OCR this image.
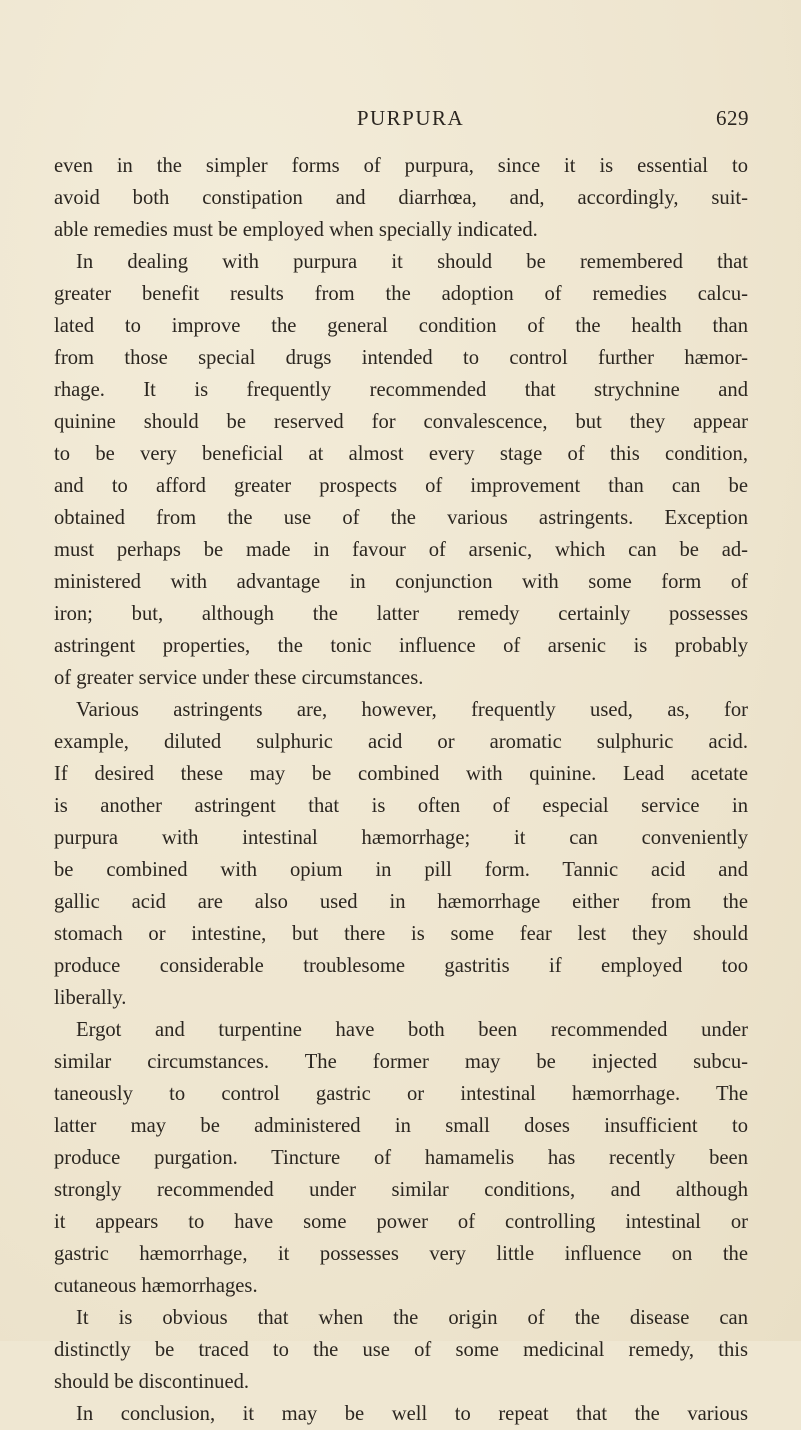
PURPURA	629
even in the simpler forms of purpura, since it is essential to
avoid both constipation and diarrhœa, and, accordingly, suit-
able remedies must be employed when specially indicated.
In dealing with purpura it should be remembered that
greater benefit results from the adoption of remedies calcu-
lated to improve the general condition of the health than
from those special drugs intended to control further hæmor-
rhage. It is frequently recommended that strychnine and
quinine should be reserved for convalescence, but they appear
to be very beneficial at almost every stage of this condition,
and to afford greater prospects of improvement than can be
obtained from the use of the various astringents. Exception
must perhaps be made in favour of arsenic, which can be ad-
ministered with advantage in conjunction with some form of
iron; but, although the latter remedy certainly possesses
astringent properties, the tonic influence of arsenic is probably
of greater service under these circumstances.
Various astringents are, however, frequently used, as, for
example, diluted sulphuric acid or aromatic sulphuric acid.
If desired these may be combined with quinine. Lead acetate
is another astringent that is often of especial service in
purpura with intestinal hæmorrhage; it can conveniently
be combined with opium in pill form. Tannic acid and
gallic acid are also used in hæmorrhage either from the
stomach or intestine, but there is some fear lest they should
produce considerable troublesome gastritis if employed too
liberally.
Ergot and turpentine have both been recommended under
similar circumstances. The former may be injected subcu-
taneously to control gastric or intestinal hæmorrhage. The
latter may be administered in small doses insufficient to
produce purgation. Tincture of hamamelis has recently been
strongly recommended under similar conditions, and although
it appears to have some power of controlling intestinal or
gastric hæmorrhage, it possesses very little influence on the
cutaneous hæmorrhages.
It is obvious that when the origin of the disease can
distinctly be traced to the use of some medicinal remedy, this
should be discontinued.
In conclusion, it may be well to repeat that the various
